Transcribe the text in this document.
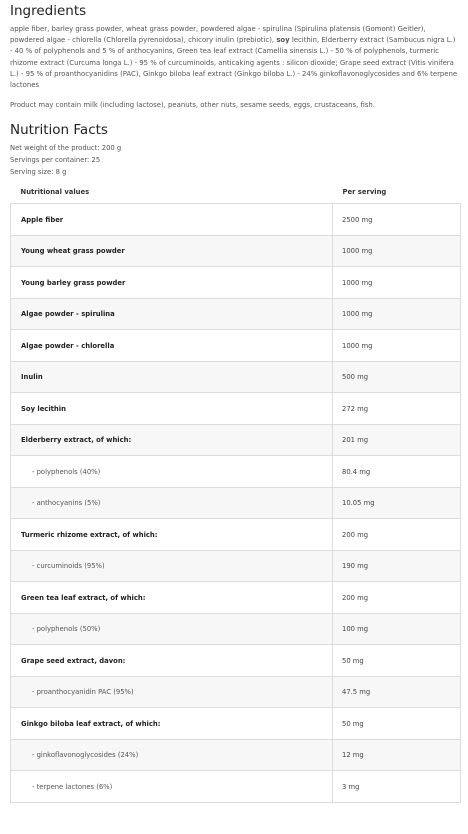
Ingredients

apple fiber, barley grass powder, wheat grass powder, powdered algae - spirulina (Spirulina platensis (Gomont) Geitler), powdered algae - chlorella (Chlorella pyrenoidosa), chicory inulin (prebiotic), soy lecithin, Elderberry extract (Sambucus nigra L.) - 40 % of polyphenols and 5 % of anthocyanins, Green tea leaf extract (Camellia sinensis L.) - 50 % of polyphenols, turmeric rhizome extract (Curcuma longa L.) - 95 % of curcuminoids, anticaking agents : silicon dioxide; Grape seed extract (Vitis vinifera L.) - 95 % of proanthocyanidins (PAC), Ginkgo biloba leaf extract (Ginkgo biloba L.) - 24% ginkoflavonoglycosides and 6% terpene lactones

Product may contain milk (including lactose), peanuts, other nuts, sesame seeds, eggs, crustaceans, fish.

Nutrition Facts
Net weight of the product: 200 g
Servings per container: 25
Serving size: 8 g
Nutritional values	Per serving
Apple fiber	2500 mg
Young wheat grass powder	1000 mg
Young barley grass powder	1000 mg
Algae powder - spirulina	1000 mg
Algae powder - chlorella	1000 mg
Inulin	500 mg
Soy lecithin	272 mg
Elderberry extract, of which:	201 mg
- polyphenols (40%)	80.4 mg
- anthocyanins (5%)	10.05 mg
Turmeric rhizome extract, of which:	200 mg
- curcuminoids (95%)	190 mg
Green tea leaf extract, of which:	200 mg
- polyphenols (50%)	100 mg
Grape seed extract, davon:	50 mg
- proanthocyanidin PAC (95%)	47.5 mg
Ginkgo biloba leaf extract, of which:	50 mg
- ginkoflavonoglycosides (24%)	12 mg
- terpene lactones (6%)	3 mg
